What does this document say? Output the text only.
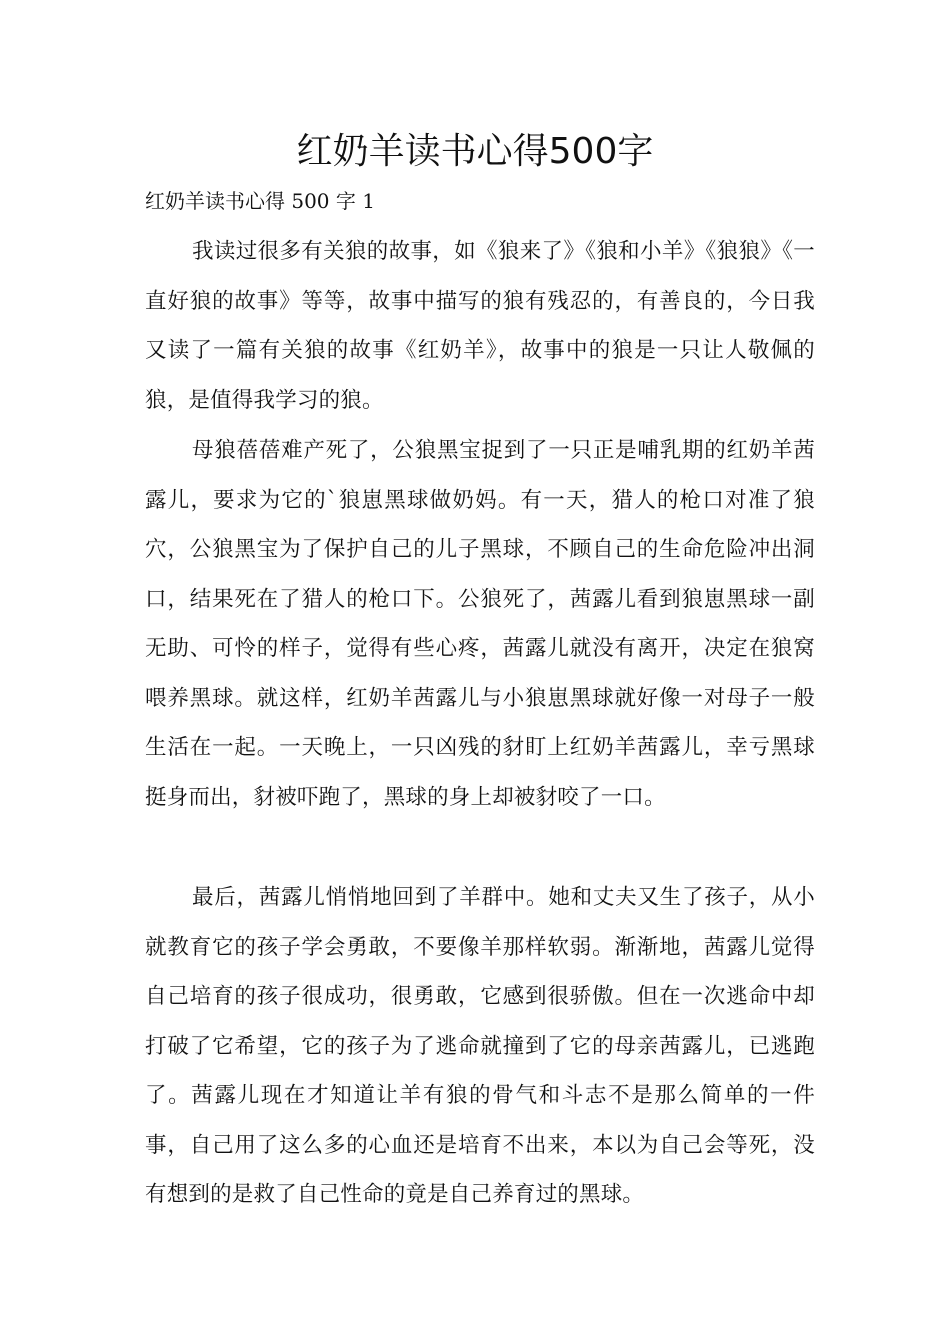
红奶羊读书心得500字

红奶羊读书心得 500 字 1

我读过很多有关狼的故事，如《狼来了》《狼和小羊》《狼狼》《一直好狼的故事》等等，故事中描写的狼有残忍的，有善良的，今日我又读了一篇有关狼的故事《红奶羊》，故事中的狼是一只让人敬佩的狼，是值得我学习的狼。

母狼蓓蓓难产死了，公狼黑宝捉到了一只正是哺乳期的红奶羊茜露儿，要求为它的`狼崽黑球做奶妈。有一天，猎人的枪口对准了狼穴，公狼黑宝为了保护自己的儿子黑球，不顾自己的生命危险冲出洞口，结果死在了猎人的枪口下。公狼死了，茜露儿看到狼崽黑球一副无助、可怜的样子，觉得有些心疼，茜露儿就没有离开，决定在狼窝喂养黑球。就这样，红奶羊茜露儿与小狼崽黑球就好像一对母子一般生活在一起。一天晚上，一只凶残的豺盯上红奶羊茜露儿，幸亏黑球挺身而出，豺被吓跑了，黑球的身上却被豺咬了一口。

最后，茜露儿悄悄地回到了羊群中。她和丈夫又生了孩子，从小就教育它的孩子学会勇敢，不要像羊那样软弱。渐渐地，茜露儿觉得自己培育的孩子很成功，很勇敢，它感到很骄傲。但在一次逃命中却打破了它希望，它的孩子为了逃命就撞到了它的母亲茜露儿，已逃跑了。茜露儿现在才知道让羊有狼的骨气和斗志不是那么简单的一件事，自己用了这么多的心血还是培育不出来，本以为自己会等死，没有想到的是救了自己性命的竟是自己养育过的黑球。
